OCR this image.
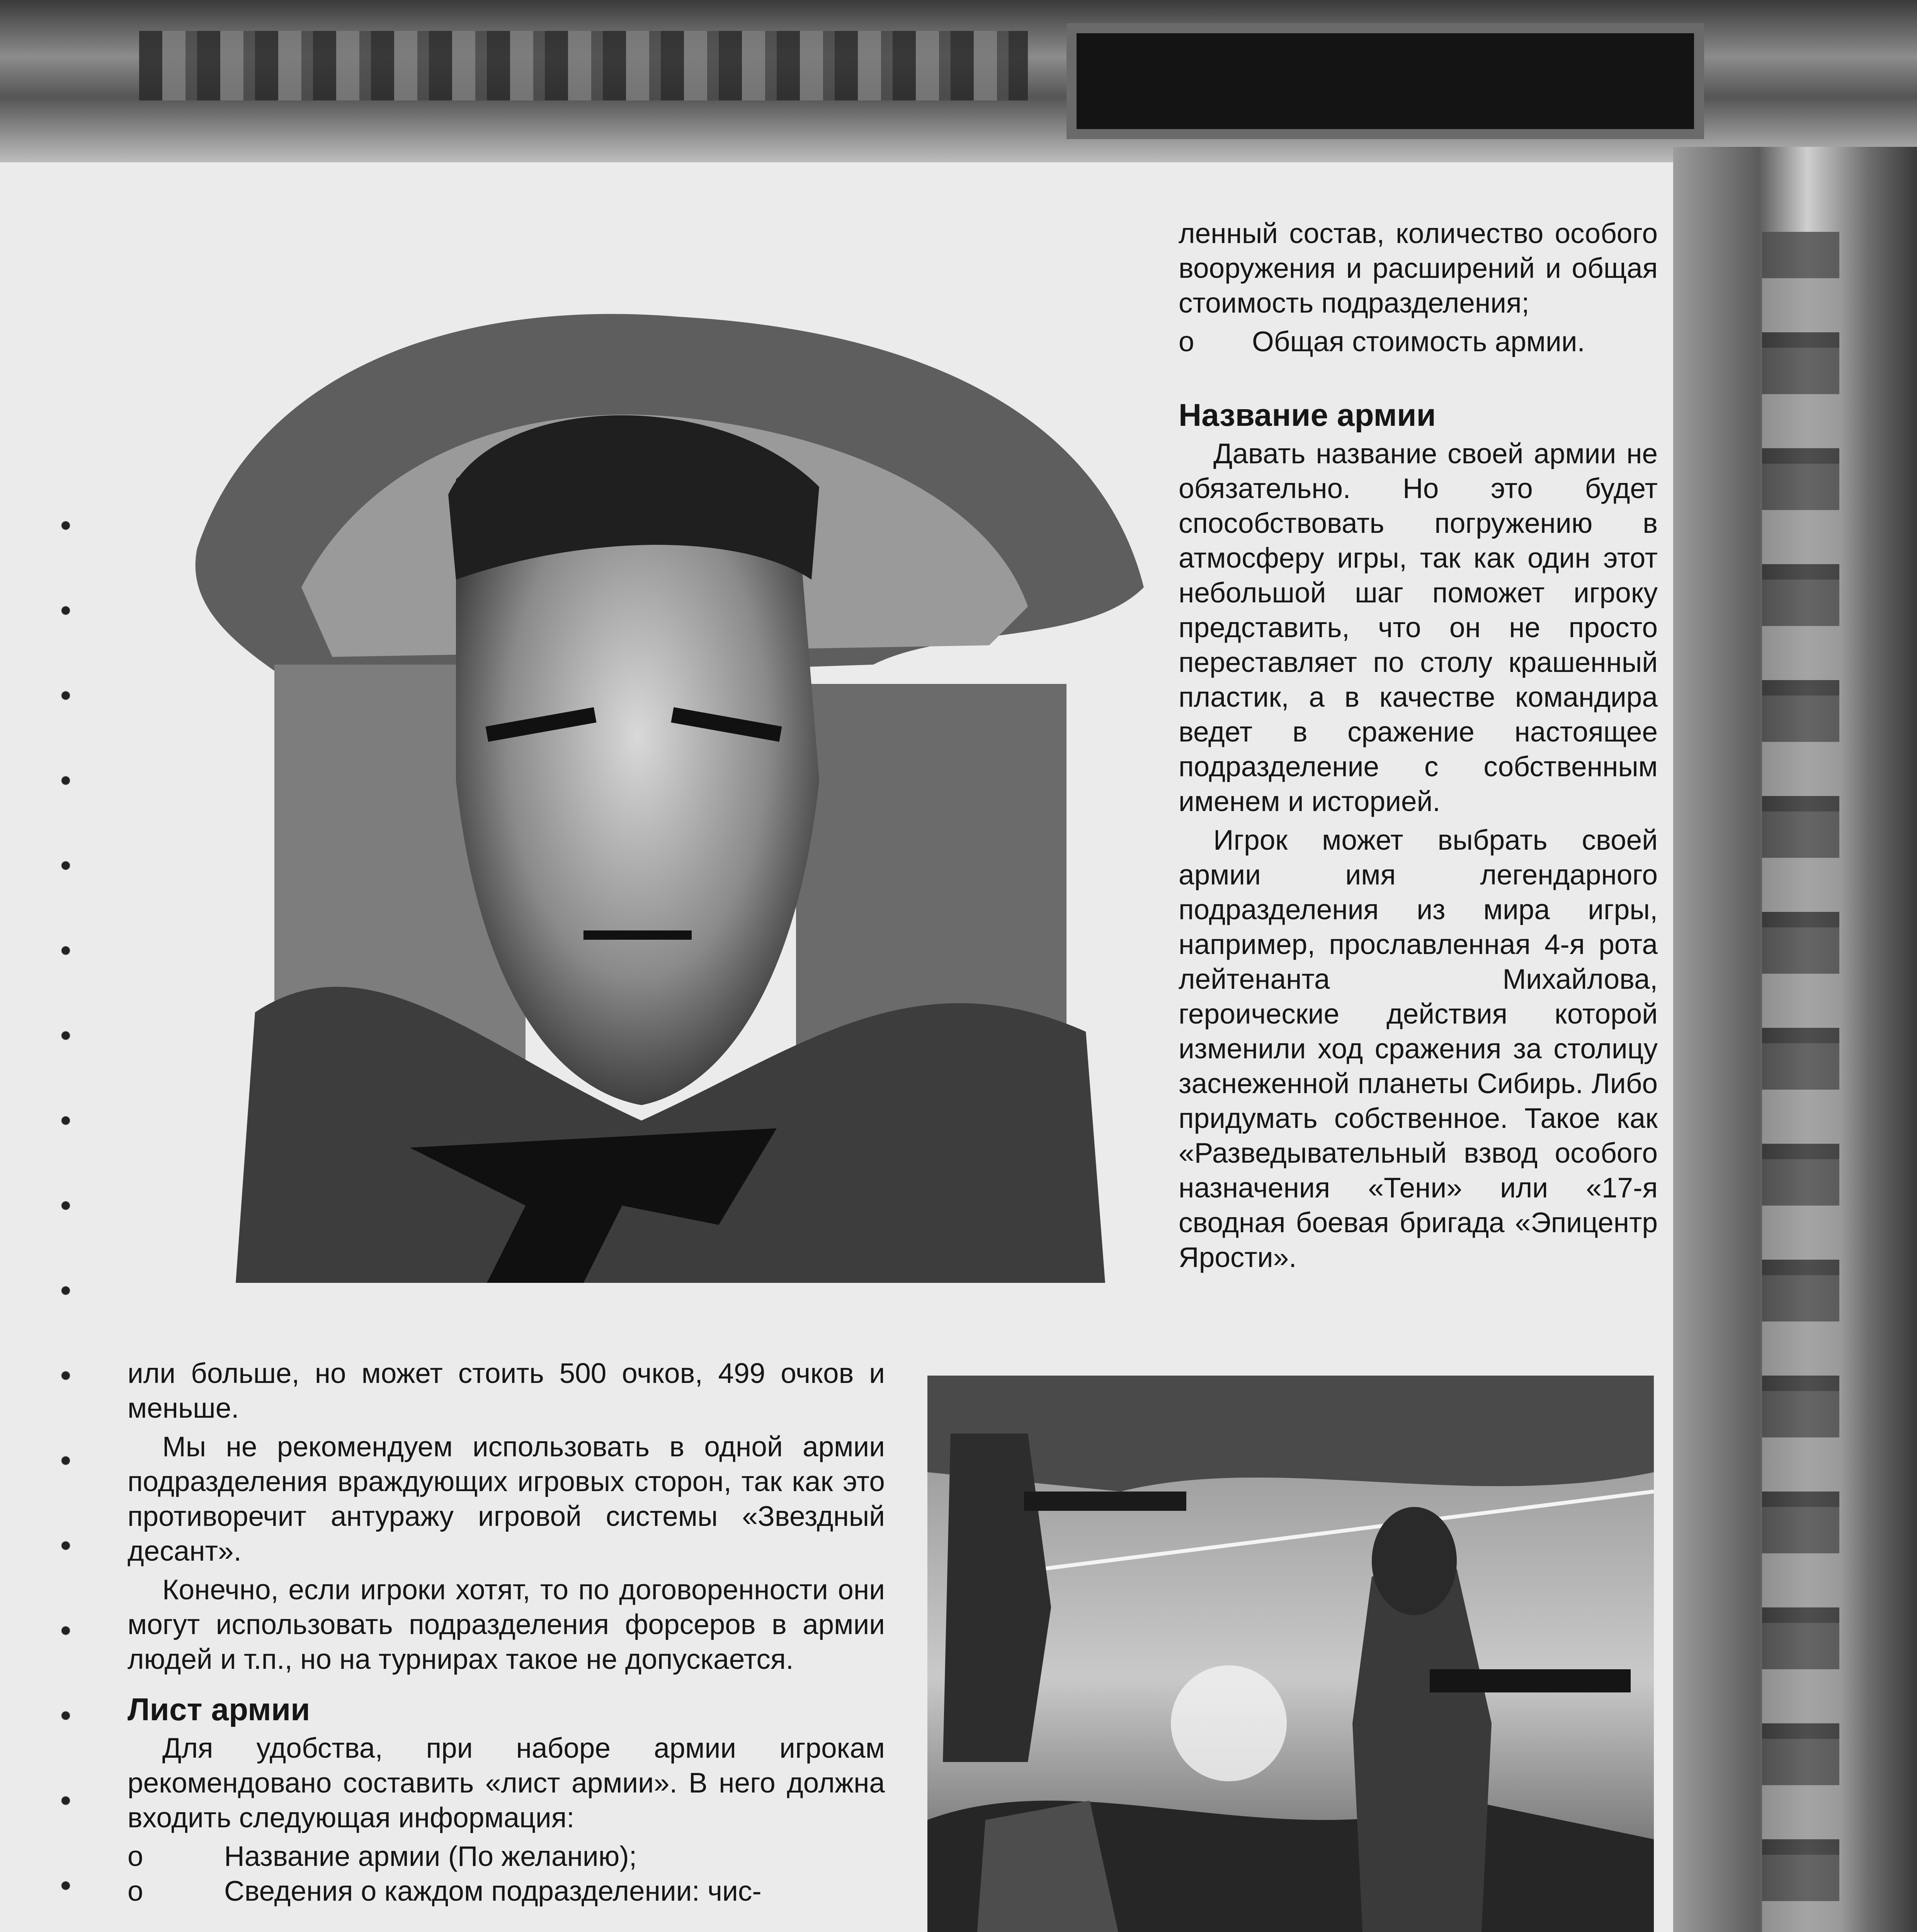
ленный состав, количество особого вооружения и расширений и общая стоимость подразделения;

о	Общая стоимость армии.
Название армии

Давать название своей армии не обязательно. Но это будет способствовать погружению в атмосферу игры, так как один этот небольшой шаг поможет игроку представить, что он не просто переставляет по столу крашенный пластик, а в качестве командира ведет в сражение настоящее подразделение с собственным именем и историей.

Игрок может выбрать своей армии имя легендарного подразделения из мира игры, например, прославленная 4-я рота лейтенанта Михайлова, героические действия которой изменили ход сражения за столицу заснеженной планеты Сибирь. Либо придумать собственное. Такое как «Разведывательный взвод особого назначения «Тени» или «17-я сводная боевая бригада «Эпицентр Ярости».

или больше, но может стоить 500 очков, 499 очков и меньше.

Мы не рекомендуем использовать в одной армии подразделения враждующих игровых сторон, так как это противоречит антуражу игровой системы «Звездный десант».

Конечно, если игроки хотят, то по договоренности они могут использовать подразделения форсеров в армии людей и т.п., но на турнирах такое не допускается.

Лист армии

Для удобства, при наборе армии игрокам рекомендовано составить «лист армии». В него должна входить следующая информация:

о	Название армии (По желанию);
о	Сведения о каждом подразделении: чис-
